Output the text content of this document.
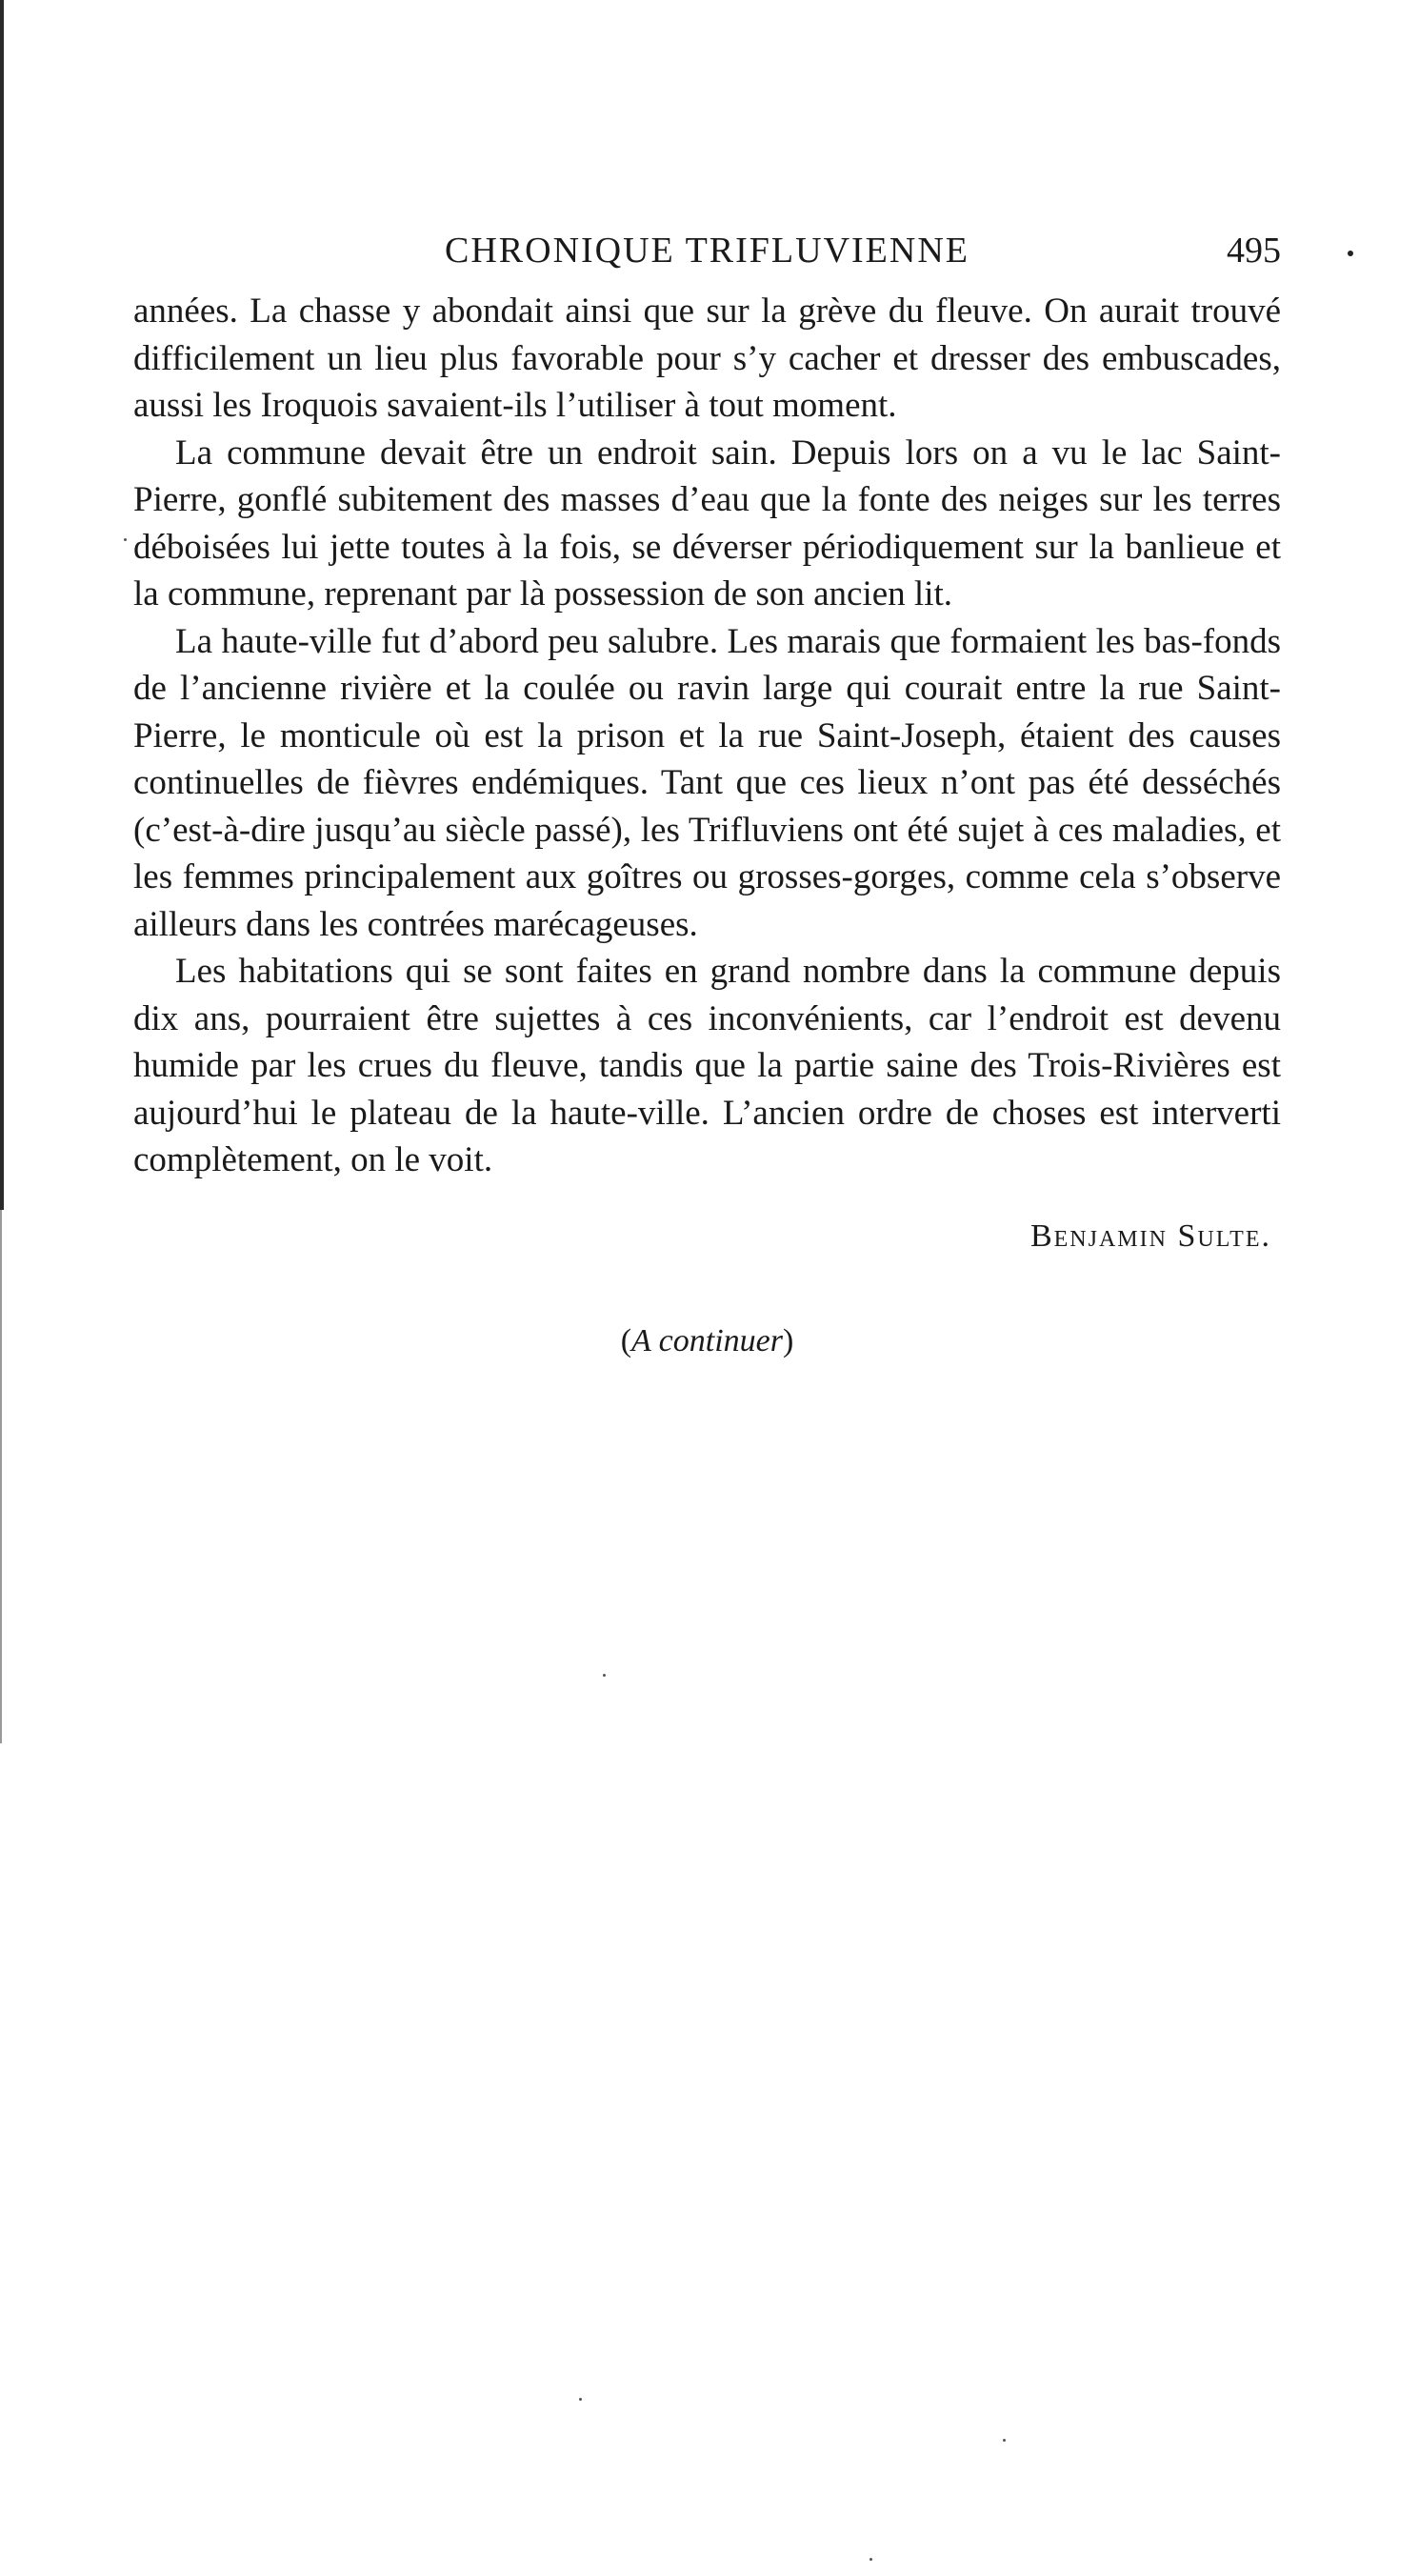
CHRONIQUE TRIFLUVIENNE	495

années. La chasse y abondait ainsi que sur la grève du fleuve. On aurait trouvé difficilement un lieu plus favorable pour s’y cacher et dresser des embuscades, aussi les Iroquois savaient-ils l’utiliser à tout moment.

La commune devait être un endroit sain. Depuis lors on a vu le lac Saint-Pierre, gonflé subitement des masses d’eau que la fonte des neiges sur les terres déboisées lui jette toutes à la fois, se déverser périodiquement sur la banlieue et la commune, reprenant par là possession de son ancien lit.

La haute-ville fut d’abord peu salubre. Les marais que formaient les bas-fonds de l’ancienne rivière et la coulée ou ravin large qui courait entre la rue Saint-Pierre, le monticule où est la prison et la rue Saint-Joseph, étaient des causes continuelles de fièvres endémiques. Tant que ces lieux n’ont pas été desséchés (c’est-à-dire jusqu’au siècle passé), les Trifluviens ont été sujet à ces maladies, et les femmes principalement aux goîtres ou grosses-gorges, comme cela s’observe ailleurs dans les contrées marécageuses.

Les habitations qui se sont faites en grand nombre dans la commune depuis dix ans, pourraient être sujettes à ces inconvénients, car l’endroit est devenu humide par les crues du fleuve, tandis que la partie saine des Trois-Rivières est aujourd’hui le plateau de la haute-ville. L’ancien ordre de choses est interverti complètement, on le voit.

Benjamin Sulte.
(A continuer)
